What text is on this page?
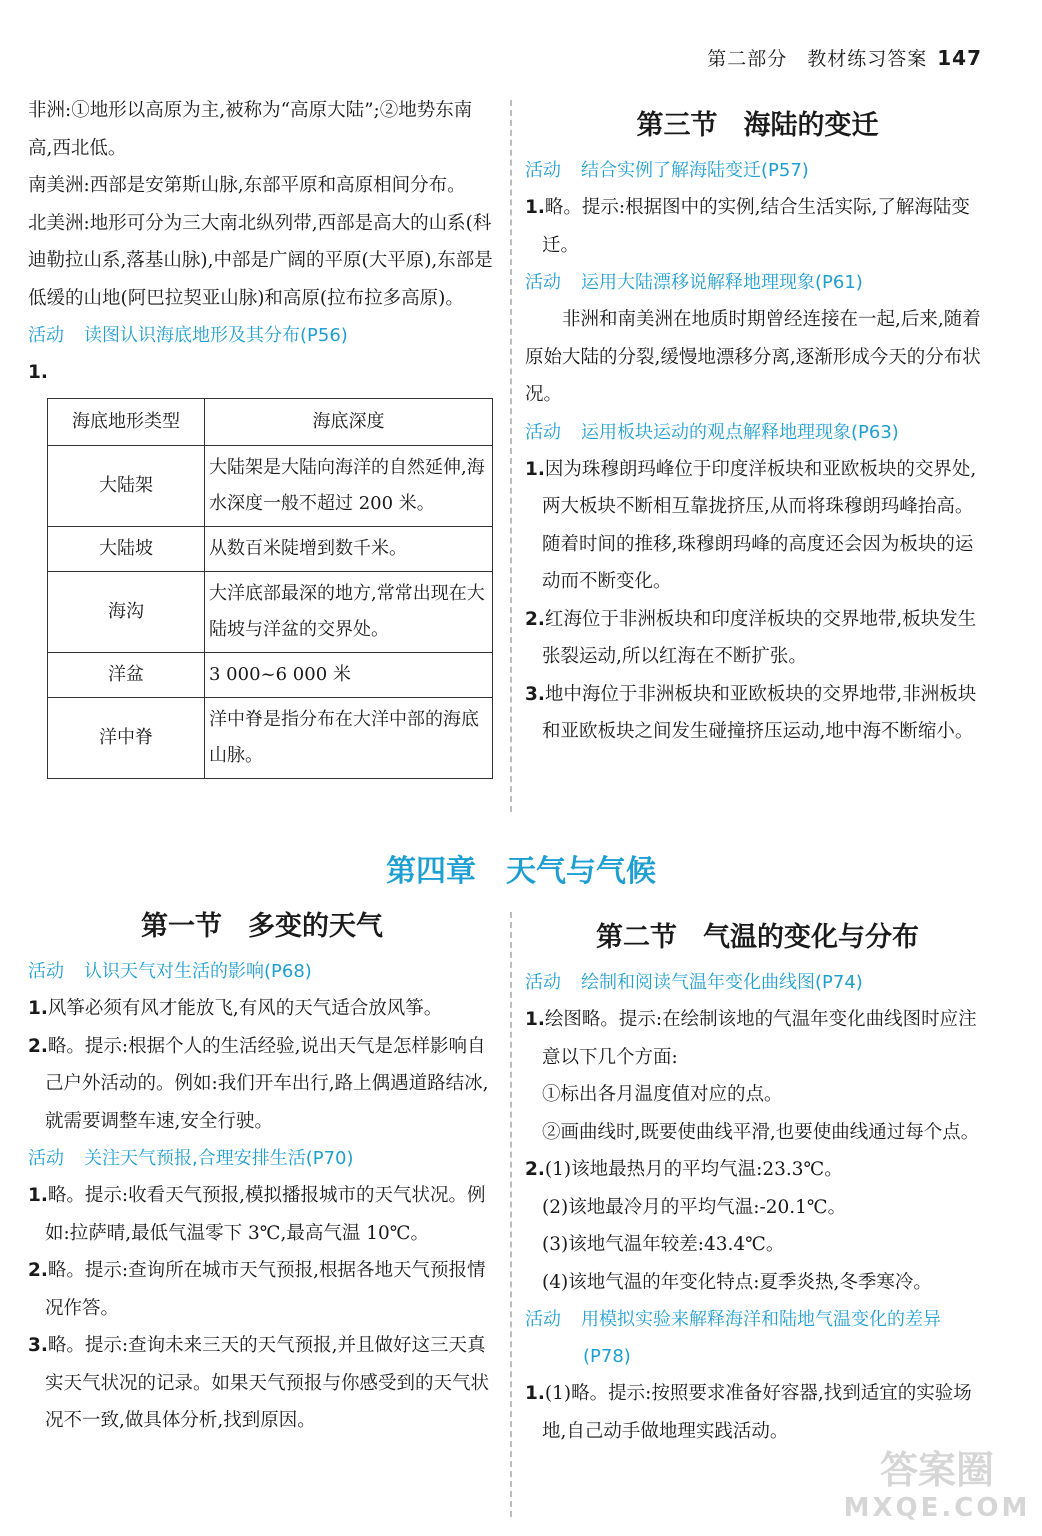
第二部分　教材练习答案 147

非洲:①地形以高原为主,被称为“高原大陆”;②地势东南高,西北低。

南美洲:西部是安第斯山脉,东部平原和高原相间分布。

北美洲:地形可分为三大南北纵列带,西部是高大的山系(科迪勒拉山系,落基山脉),中部是广阔的平原(大平原),东部是低缓的山地(阿巴拉契亚山脉)和高原(拉布拉多高原)。

活动 读图认识海底地形及其分布(P56)
1.
海底地形类型	海底深度
大陆架	大陆架是大陆向海洋的自然延伸,海水深度一般不超过 200 米。
大陆坡	从数百米陡增到数千米。
海沟	大洋底部最深的地方,常常出现在大陆坡与洋盆的交界处。
洋盆	3 000~6 000 米
洋中脊	洋中脊是指分布在大洋中部的海底山脉。
第三节 海陆的变迁
活动 结合实例了解海陆变迁(P57)

1.略。提示:根据图中的实例,结合生活实际,了解海陆变迁。

活动 运用大陆漂移说解释地理现象(P61)

非洲和南美洲在地质时期曾经连接在一起,后来,随着原始大陆的分裂,缓慢地漂移分离,逐渐形成今天的分布状况。

活动 运用板块运动的观点解释地理现象(P63)

1.因为珠穆朗玛峰位于印度洋板块和亚欧板块的交界处,两大板块不断相互靠拢挤压,从而将珠穆朗玛峰抬高。随着时间的推移,珠穆朗玛峰的高度还会因为板块的运动而不断变化。

2.红海位于非洲板块和印度洋板块的交界地带,板块发生张裂运动,所以红海在不断扩张。

3.地中海位于非洲板块和亚欧板块的交界地带,非洲板块和亚欧板块之间发生碰撞挤压运动,地中海不断缩小。

第四章 天气与气候
第一节 多变的天气
活动 认识天气对生活的影响(P68)

1.风筝必须有风才能放飞,有风的天气适合放风筝。

2.略。提示:根据个人的生活经验,说出天气是怎样影响自己户外活动的。例如:我们开车出行,路上偶遇道路结冰,就需要调整车速,安全行驶。

活动 关注天气预报,合理安排生活(P70)

1.略。提示:收看天气预报,模拟播报城市的天气状况。例如:拉萨晴,最低气温零下 3℃,最高气温 10℃。

2.略。提示:查询所在城市天气预报,根据各地天气预报情况作答。

3.略。提示:查询未来三天的天气预报,并且做好这三天真实天气状况的记录。如果天气预报与你感受到的天气状况不一致,做具体分析,找到原因。

第二节 气温的变化与分布
活动 绘制和阅读气温年变化曲线图(P74)

1.绘图略。提示:在绘制该地的气温年变化曲线图时应注意以下几个方面:

①标出各月温度值对应的点。

②画曲线时,既要使曲线平滑,也要使曲线通过每个点。

2.(1)该地最热月的平均气温:23.3℃。

(2)该地最冷月的平均气温:-20.1℃。

(3)该地气温年较差:43.4℃。

(4)该地气温的年变化特点:夏季炎热,冬季寒冷。

活动 用模拟实验来解释海洋和陆地气温变化的差异
(P78)

1.(1)略。提示:按照要求准备好容器,找到适宜的实验场地,自己动手做地理实践活动。

答案圈
MXQE.COM
